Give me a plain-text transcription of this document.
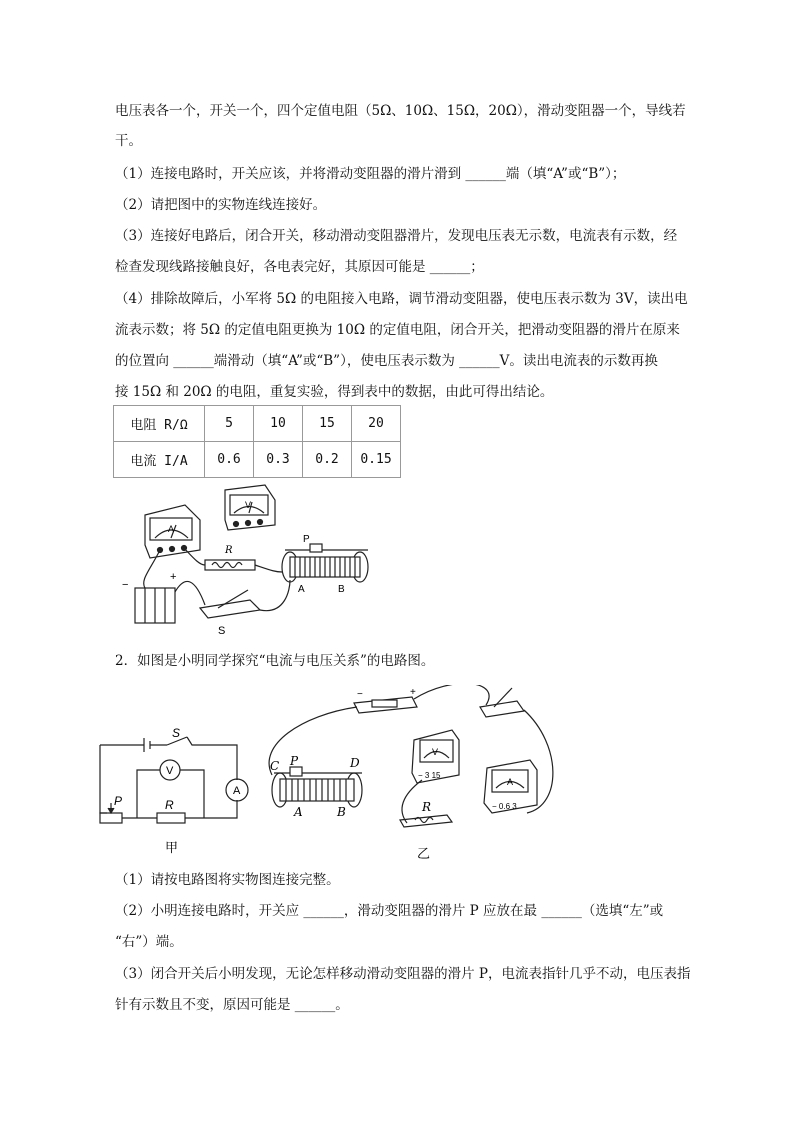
电压表各一个，开关一个，四个定值电阻（5Ω、10Ω、15Ω，20Ω），滑动变阻器一个，导线若
干。
（1）连接电路时，开关应该，并将滑动变阻器的滑片滑到 ______端（填“A”或“B”）；
（2）请把图中的实物连线连接好。
（3）连接好电路后，闭合开关，移动滑动变阻器滑片，发现电压表无示数，电流表有示数，经
检查发现线路接触良好，各电表完好，其原因可能是 ______；
（4）排除故障后，小军将 5Ω 的电阻接入电路，调节滑动变阻器，使电压表示数为 3V，读出电
流表示数；将 5Ω 的定值电阻更换为 10Ω 的定值电阻，闭合开关，把滑动变阻器的滑片在原来
的位置向 ______端滑动（填“A”或“B”），使电压表示数为 ______V。读出电流表的示数再换
接 15Ω 和 20Ω 的电阻，重复实验，得到表中的数据，由此可得出结论。
电阻 R/Ω	5	10	15	20
电流 I/A	0.6	0.3	0.2	0.15
A
V
R
P
A	B
S
−
+
2．如图是小明同学探究“电流与电压关系”的电路图。
S
V
A
R
P
甲
−	+
C P	D
A	B	R
V
A
− 3 15
− 0.6 3
乙
（1）请按电路图将实物图连接完整。
（2）小明连接电路时，开关应 ______，滑动变阻器的滑片 P 应放在最 ______（选填“左”或
“右”）端。
（3）闭合开关后小明发现，无论怎样移动滑动变阻器的滑片 P，电流表指针几乎不动，电压表指
针有示数且不变，原因可能是 ______。
